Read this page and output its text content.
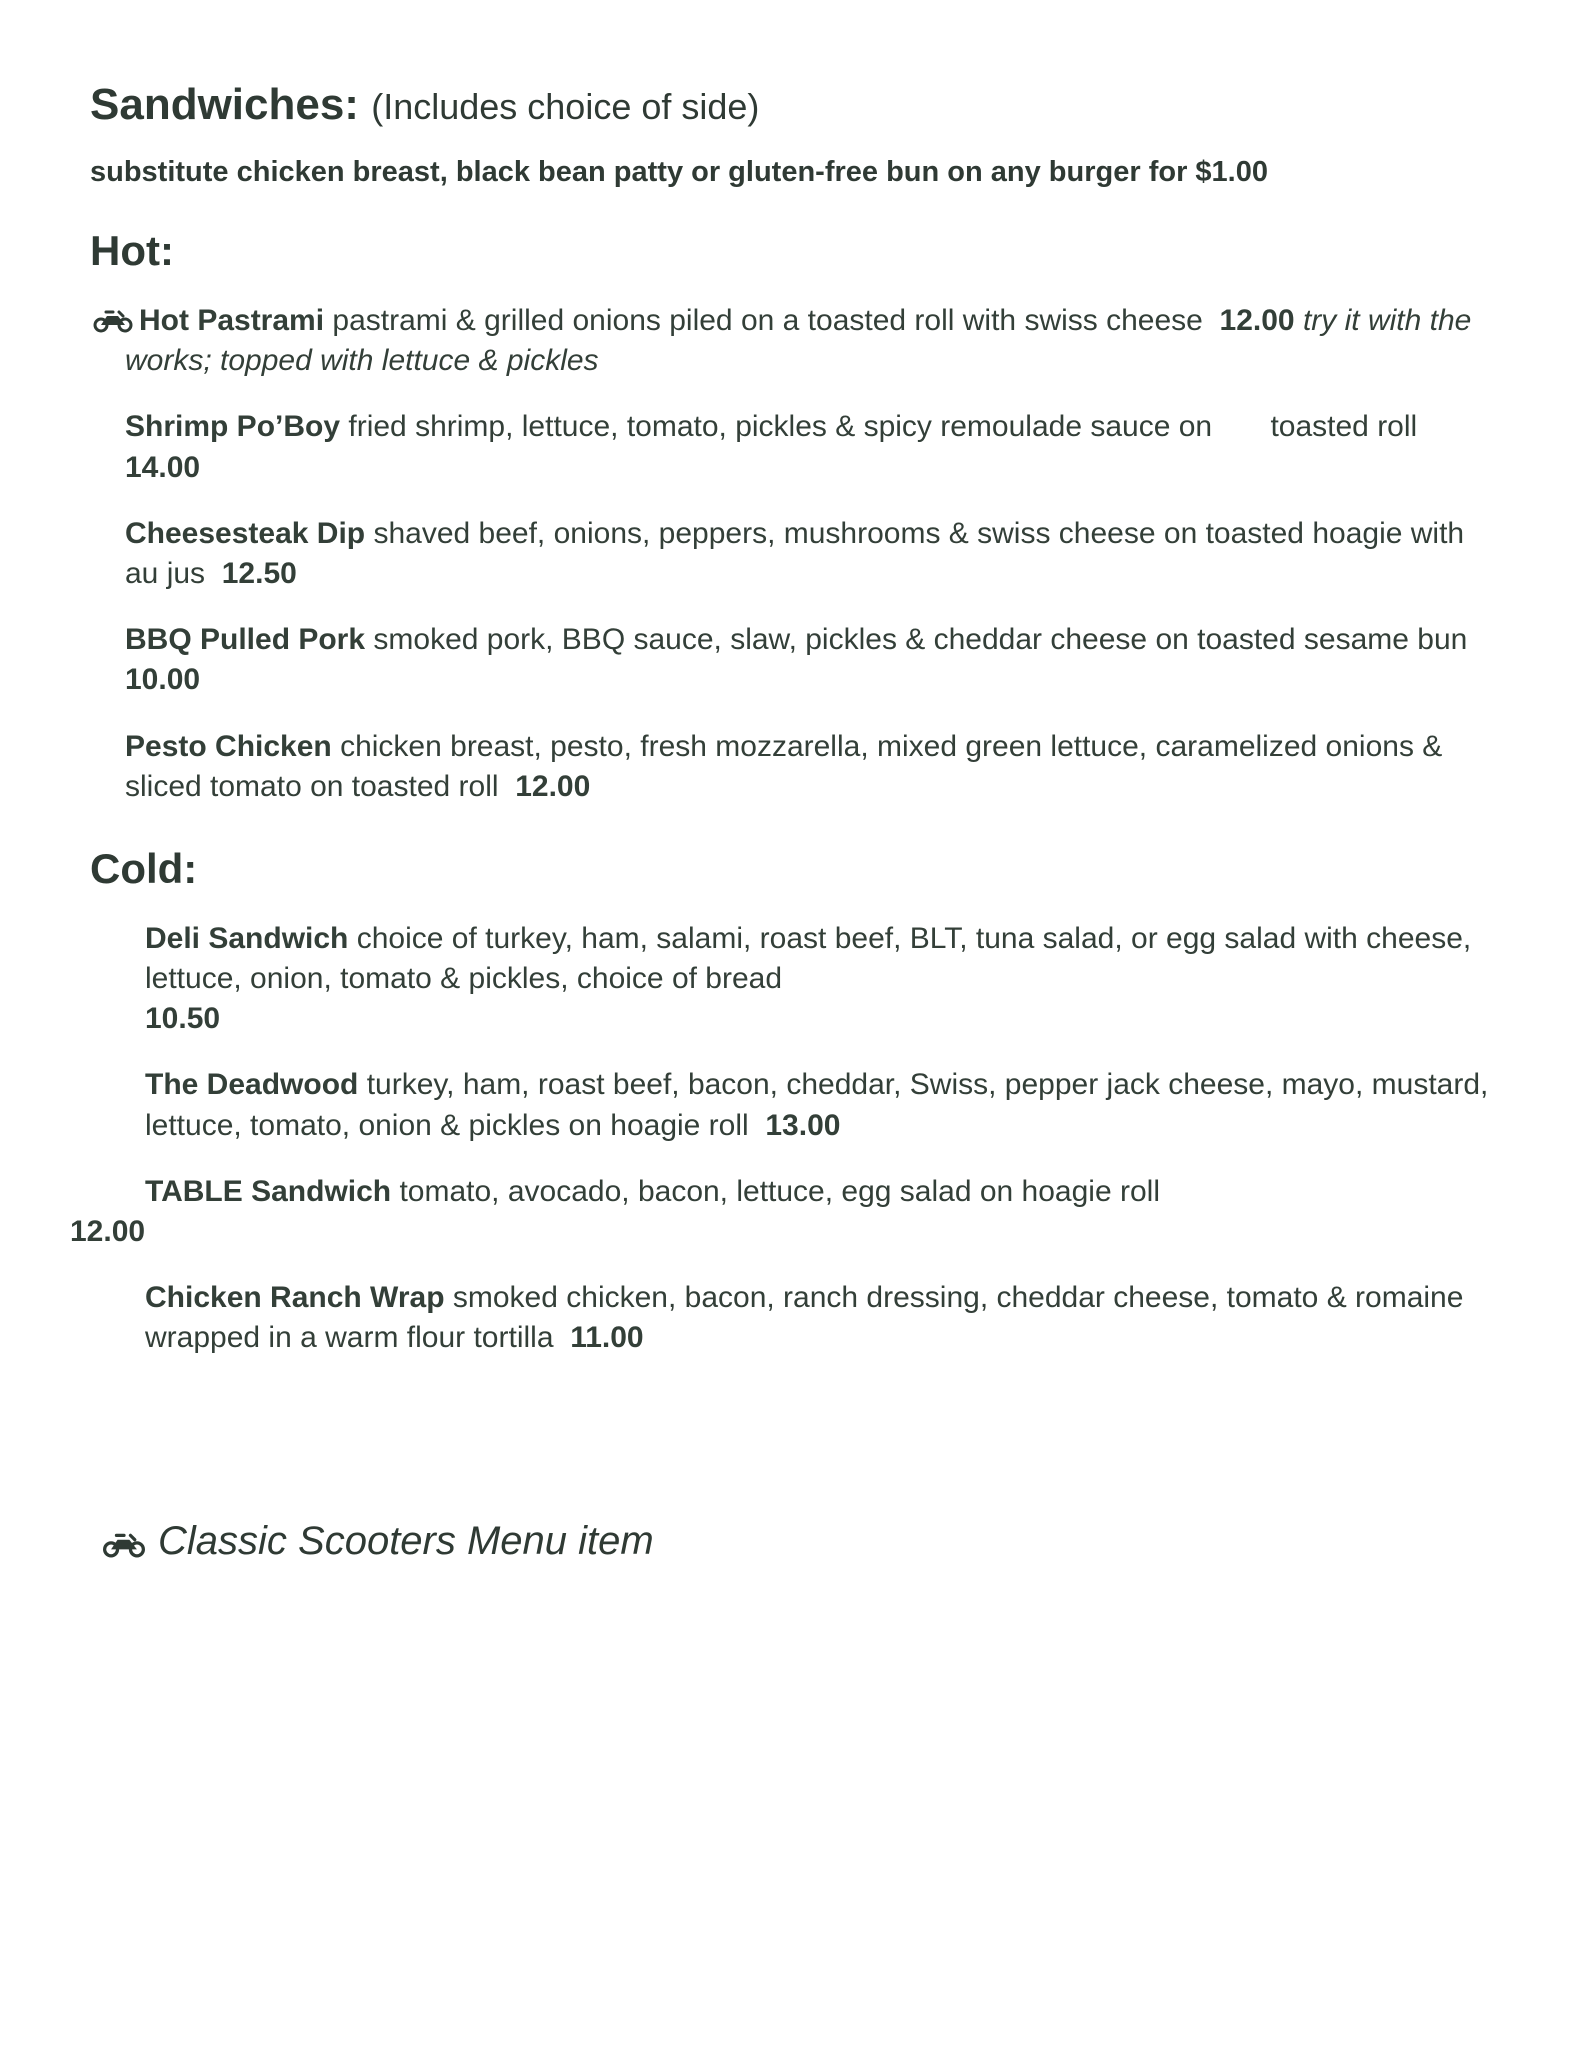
Sandwiches: (Includes choice of side)

substitute chicken breast, black bean patty or gluten-free bun on any burger for $1.00

Hot:

Hot Pastrami pastrami & grilled onions piled on a toasted roll with swiss cheese  12.00 try it with the works; topped with lettuce & pickles

Shrimp Po’Boy fried shrimp, lettuce, tomato, pickles & spicy remoulade sauce on       toasted roll  14.00

Cheesesteak Dip shaved beef, onions, peppers, mushrooms & swiss cheese on toasted hoagie with au jus  12.50

BBQ Pulled Pork smoked pork, BBQ sauce, slaw, pickles & cheddar cheese on toasted sesame bun  10.00

Pesto Chicken chicken breast, pesto, fresh mozzarella, mixed green lettuce, caramelized onions & sliced tomato on toasted roll  12.00

Cold:

Deli Sandwich choice of turkey, ham, salami, roast beef, BLT, tuna salad, or egg salad with cheese, lettuce, onion, tomato & pickles, choice of bread
10.50

The Deadwood turkey, ham, roast beef, bacon, cheddar, Swiss, pepper jack cheese, mayo, mustard, lettuce, tomato, onion & pickles on hoagie roll  13.00

TABLE Sandwich tomato, avocado, bacon, lettuce, egg salad on hoagie roll
12.00

Chicken Ranch Wrap smoked chicken, bacon, ranch dressing, cheddar cheese, tomato & romaine wrapped in a warm flour tortilla  11.00

Classic Scooters Menu item
